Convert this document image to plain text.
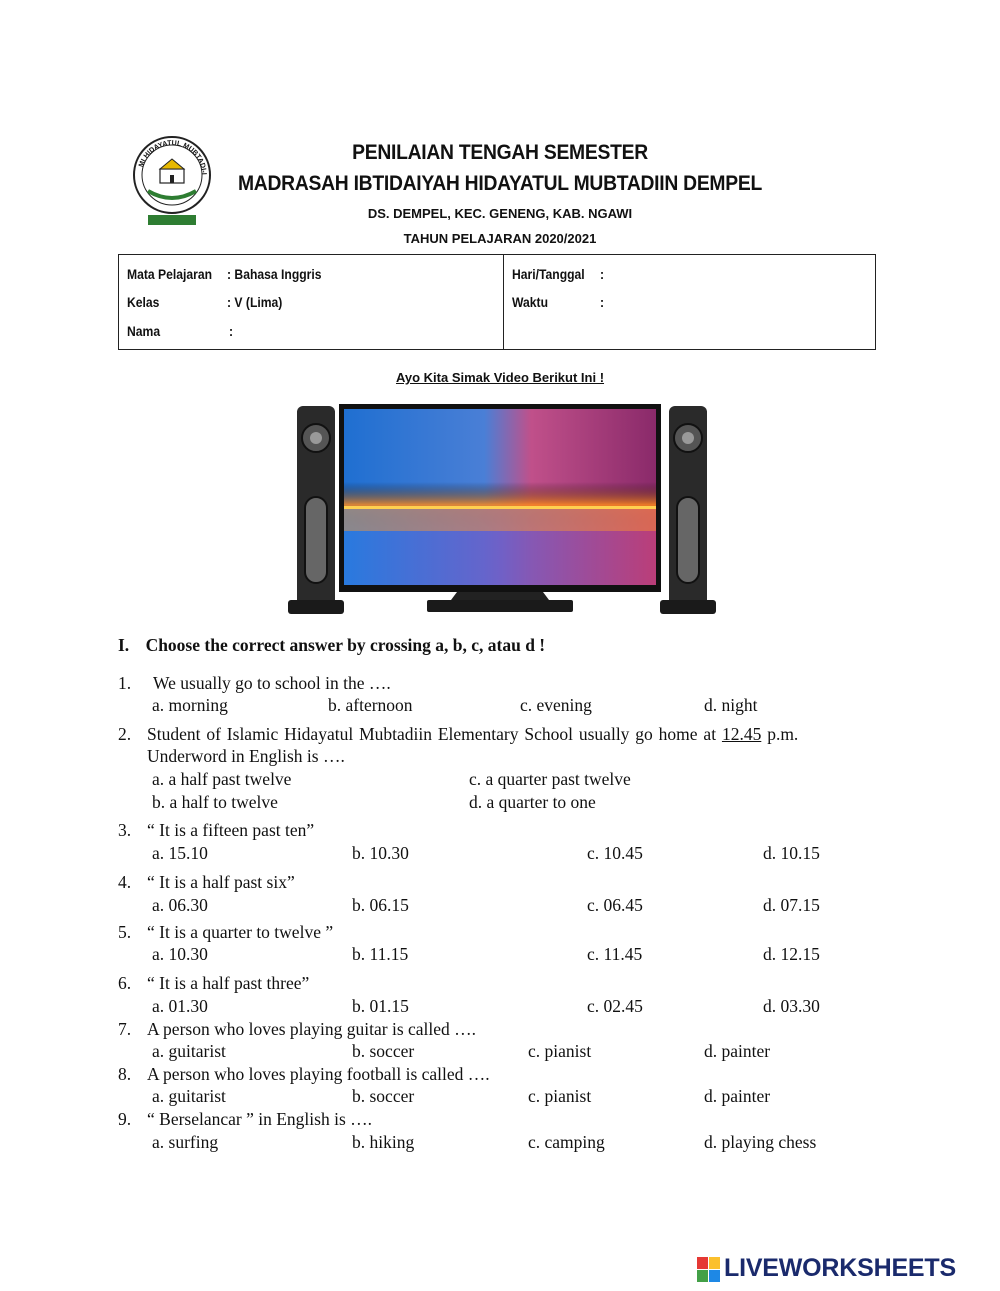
MI HIDAYATUL MUBTADI-I
PENILAIAN TENGAH SEMESTER
MADRASAH IBTIDAIYAH HIDAYATUL MUBTADIIN DEMPEL
DS. DEMPEL, KEC. GENENG, KAB. NGAWI
TAHUN PELAJARAN 2020/2021
Mata Pelajaran : Bahasa Inggris
Kelas	: V (Lima)
Nama	:
Hari/Tanggal :
Waktu	:
Ayo Kita Simak Video Berikut Ini !
I. Choose the correct answer by crossing a, b, c, atau d !
1. We usually go to school in the ….
a. morning	b. afternoon	c. evening	d. night
2. Student of Islamic Hidayatul Mubtadiin Elementary School usually go home at 12.45 p.m.
Underword in English is ….
a. a half past twelve	c. a quarter past twelve
b. a half to twelve	d. a quarter to one
3. “ It is a fifteen past ten”
a. 15.10	b. 10.30	c. 10.45	d. 10.15
4. “ It is a half past six”
a. 06.30	b. 06.15	c. 06.45	d. 07.15
5. “ It is a quarter to twelve ”
a. 10.30	b. 11.15	c. 11.45	d. 12.15
6. “ It is a half past three”
a. 01.30	b. 01.15	c. 02.45	d. 03.30
7. A person who loves playing guitar is called ….
a. guitarist	b. soccer	c. pianist	d. painter
8. A person who loves playing football is called ….
a. guitarist	b. soccer	c. pianist	d. painter
9. “ Berselancar ” in English is ….
a. surfing	b. hiking	c. camping	d. playing chess
LIVEWORKSHEETS
